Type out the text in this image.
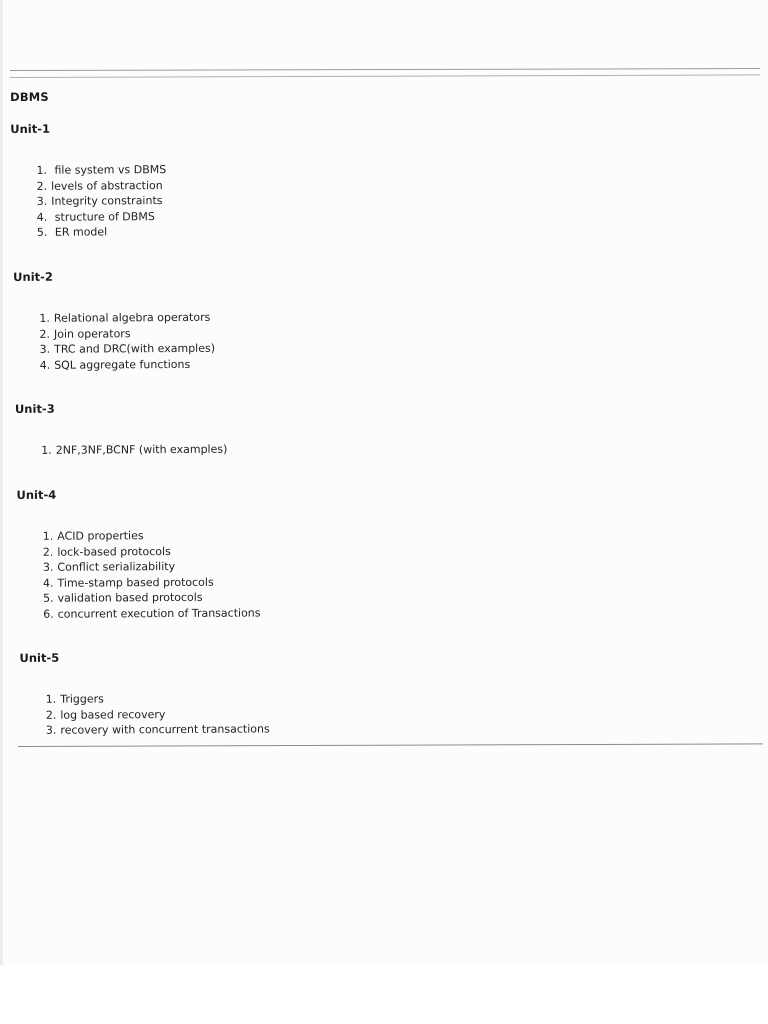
DBMS
Unit-1
1. file system vs DBMS
2. levels of abstraction
3. Integrity constraints
4. structure of DBMS
5. ER model
Unit-2
1. Relational algebra operators
2. Join operators
3. TRC and DRC(with examples)
4. SQL aggregate functions
Unit-3
1. 2NF,3NF,BCNF (with examples)
Unit-4
1. ACID properties
2. lock-based protocols
3. Conflict serializability
4. Time-stamp based protocols
5. validation based protocols
6. concurrent execution of Transactions
Unit-5
1. Triggers
2. log based recovery
3. recovery with concurrent transactions
